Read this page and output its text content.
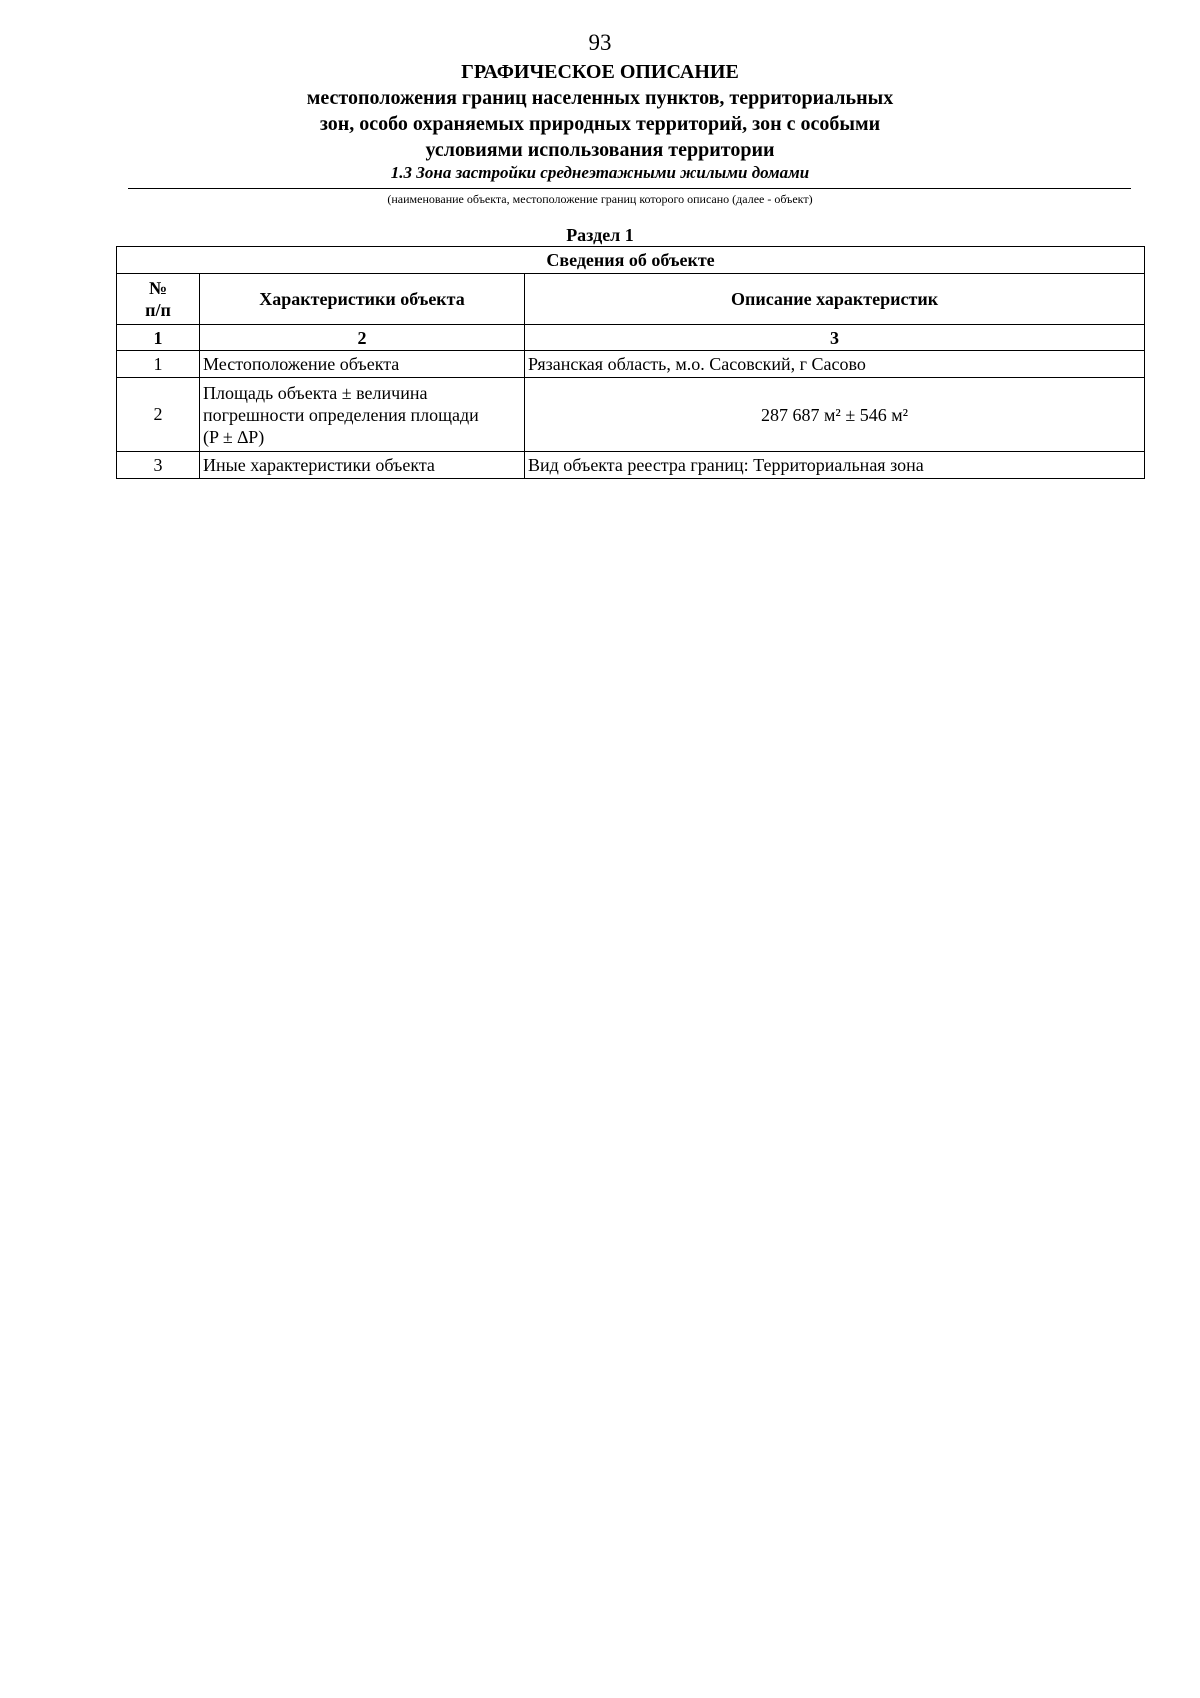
93
ГРАФИЧЕСКОЕ ОПИСАНИЕ
местоположения границ населенных пунктов, территориальных
зон, особо охраняемых природных территорий, зон с особыми
условиями использования территории
1.3 Зона застройки среднеэтажными жилыми домами
(наименование объекта, местоположение границ которого описано (далее - объект)
Раздел 1
Сведения об объекте		

№
п/п	Характеристики объекта	Описание характеристик
1	2	3
1	Местоположение объекта	Рязанская область, м.о. Сасовский, г Сасово
2	Площадь объекта ± величина
погрешности определения площади
(P ± ∆P)	287 687 м² ± 546 м²
3	Иные характеристики объекта	Вид объекта реестра границ: Территориальная зона
